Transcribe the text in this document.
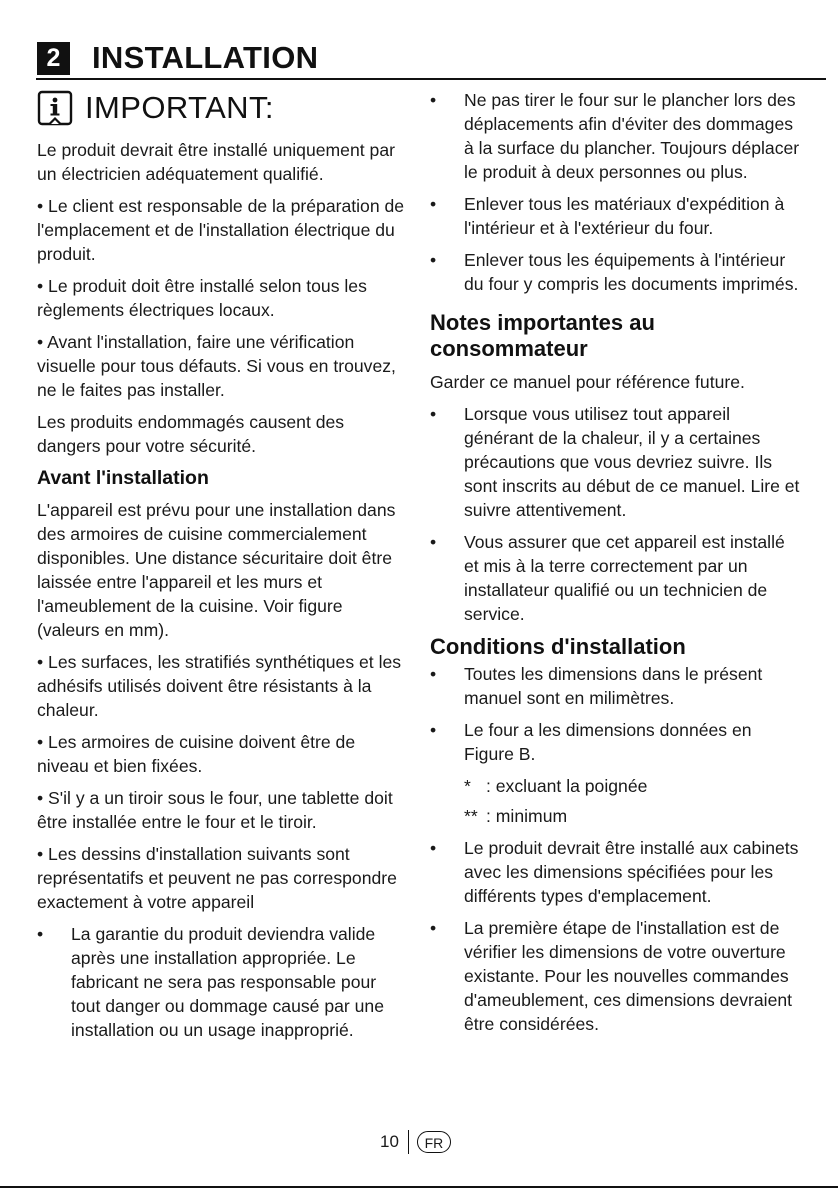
2	INSTALLATION
IMPORTANT:

Le produit devrait être installé uniquement par un électricien adéquatement qualifié.

• Le client est responsable de la préparation de l'emplacement et de l'installation électrique du produit.

• Le produit doit être installé selon tous les règlements électriques locaux.

• Avant l'installation, faire une vérification visuelle pour tous défauts. Si vous en trouvez, ne le faites pas installer.

Les produits endommagés causent des dangers pour votre sécurité.

Avant l'installation

L'appareil est prévu pour une installation dans des armoires de cuisine commercialement disponibles. Une distance sécuritaire doit être laissée entre l'appareil et les murs et l'ameublement de la cuisine. Voir figure (valeurs en mm).

• Les surfaces, les stratifiés synthétiques et les adhésifs utilisés doivent être résistants à la chaleur.

• Les armoires de cuisine doivent être de niveau et bien fixées.

• S'il y a un tiroir sous le four, une tablette doit être installée entre le four et le tiroir.

• Les dessins d'installation suivants sont représentatifs et peuvent ne pas correspondre exactement à votre appareil

•	La garantie du produit deviendra valide après une installation appropriée. Le fabricant ne sera pas responsable pour tout danger ou dommage causé par une installation ou un usage inapproprié.
•	Ne pas tirer le four sur le plancher lors des déplacements afin d'éviter des dommages à la surface du plancher. Toujours déplacer le produit à deux personnes ou plus.
•	Enlever tous les matériaux d'expédition à l'intérieur et à l'extérieur du four.
•	Enlever tous les équipements à l'intérieur du four y compris les documents imprimés.
Notes importantes au consommateur

Garder ce manuel pour référence future.

•	Lorsque vous utilisez tout appareil générant de la chaleur, il y a certaines précautions que vous devriez suivre. Ils sont inscrits au début de ce manuel. Lire et suivre attentivement.
•	Vous assurer que cet appareil est installé et mis à la terre correctement par un installateur qualifié ou un technicien de service.
Conditions d'installation
•	Toutes les dimensions dans le présent manuel sont en milimètres.
•	Le four a les dimensions données en Figure B.
* : excluant la poignée
** : minimum
•	Le produit devrait être installé aux cabinets avec les dimensions spécifiées pour les différents types d'emplacement.
•	La première étape de l'installation est de vérifier les dimensions de votre ouverture existante. Pour les nouvelles commandes d'ameublement, ces dimensions devraient être considérées.
10	FR
